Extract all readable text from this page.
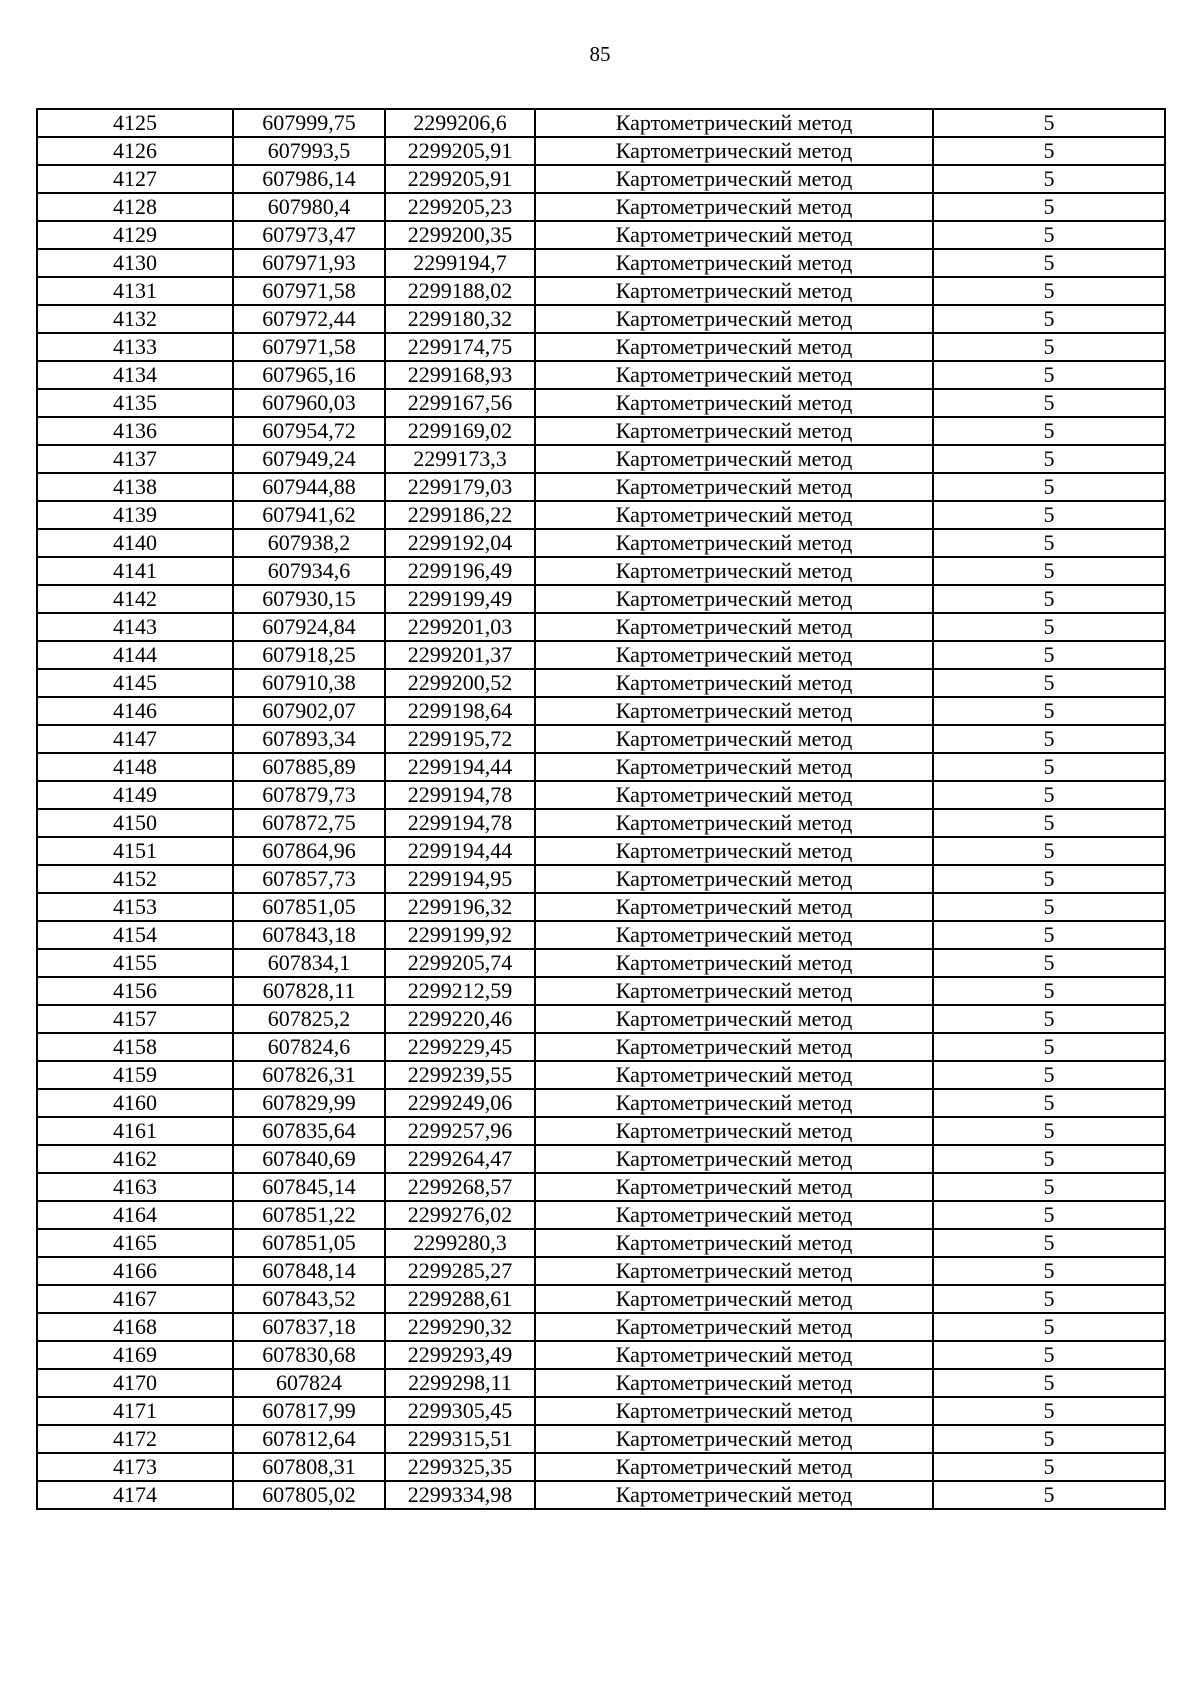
85
4125	607999,75	2299206,6	Картометрический метод	5
4126	607993,5	2299205,91	Картометрический метод	5
4127	607986,14	2299205,91	Картометрический метод	5
4128	607980,4	2299205,23	Картометрический метод	5
4129	607973,47	2299200,35	Картометрический метод	5
4130	607971,93	2299194,7	Картометрический метод	5
4131	607971,58	2299188,02	Картометрический метод	5
4132	607972,44	2299180,32	Картометрический метод	5
4133	607971,58	2299174,75	Картометрический метод	5
4134	607965,16	2299168,93	Картометрический метод	5
4135	607960,03	2299167,56	Картометрический метод	5
4136	607954,72	2299169,02	Картометрический метод	5
4137	607949,24	2299173,3	Картометрический метод	5
4138	607944,88	2299179,03	Картометрический метод	5
4139	607941,62	2299186,22	Картометрический метод	5
4140	607938,2	2299192,04	Картометрический метод	5
4141	607934,6	2299196,49	Картометрический метод	5
4142	607930,15	2299199,49	Картометрический метод	5
4143	607924,84	2299201,03	Картометрический метод	5
4144	607918,25	2299201,37	Картометрический метод	5
4145	607910,38	2299200,52	Картометрический метод	5
4146	607902,07	2299198,64	Картометрический метод	5
4147	607893,34	2299195,72	Картометрический метод	5
4148	607885,89	2299194,44	Картометрический метод	5
4149	607879,73	2299194,78	Картометрический метод	5
4150	607872,75	2299194,78	Картометрический метод	5
4151	607864,96	2299194,44	Картометрический метод	5
4152	607857,73	2299194,95	Картометрический метод	5
4153	607851,05	2299196,32	Картометрический метод	5
4154	607843,18	2299199,92	Картометрический метод	5
4155	607834,1	2299205,74	Картометрический метод	5
4156	607828,11	2299212,59	Картометрический метод	5
4157	607825,2	2299220,46	Картометрический метод	5
4158	607824,6	2299229,45	Картометрический метод	5
4159	607826,31	2299239,55	Картометрический метод	5
4160	607829,99	2299249,06	Картометрический метод	5
4161	607835,64	2299257,96	Картометрический метод	5
4162	607840,69	2299264,47	Картометрический метод	5
4163	607845,14	2299268,57	Картометрический метод	5
4164	607851,22	2299276,02	Картометрический метод	5
4165	607851,05	2299280,3	Картометрический метод	5
4166	607848,14	2299285,27	Картометрический метод	5
4167	607843,52	2299288,61	Картометрический метод	5
4168	607837,18	2299290,32	Картометрический метод	5
4169	607830,68	2299293,49	Картометрический метод	5
4170	607824	2299298,11	Картометрический метод	5
4171	607817,99	2299305,45	Картометрический метод	5
4172	607812,64	2299315,51	Картометрический метод	5
4173	607808,31	2299325,35	Картометрический метод	5
4174	607805,02	2299334,98	Картометрический метод	5
